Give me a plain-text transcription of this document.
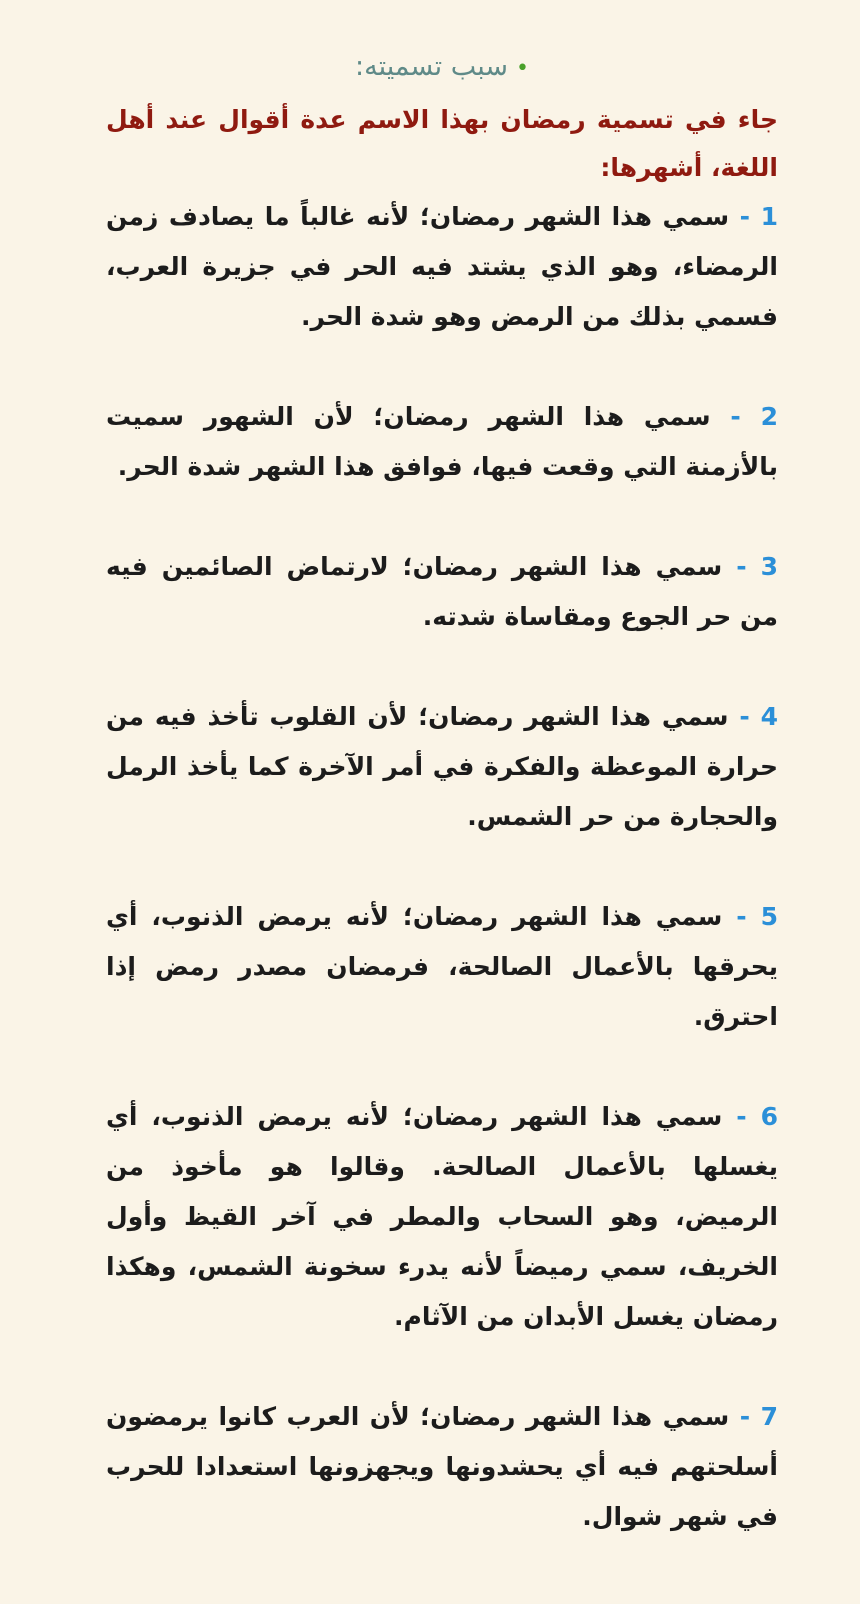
•سبب تسميته:

جاء في تسمية رمضان بهذا الاسم عدة أقوال عند أهل اللغة، أشهرها:

1 - سمي هذا الشهر رمضان؛ لأنه غالباً ما يصادف زمن الرمضاء، وهو الذي يشتد فيه الحر في جزيرة العرب، فسمي بذلك من الرمض وهو شدة الحر.

2 - سمي هذا الشهر رمضان؛ لأن الشهور سميت بالأزمنة التي وقعت فيها، فوافق هذا الشهر شدة الحر.

3 - سمي هذا الشهر رمضان؛ لارتماض الصائمين فيه من حر الجوع ومقاساة شدته.

4 - سمي هذا الشهر رمضان؛ لأن القلوب تأخذ فيه من حرارة الموعظة والفكرة في أمر الآخرة كما يأخذ الرمل والحجارة من حر الشمس.

5 - سمي هذا الشهر رمضان؛ لأنه يرمض الذنوب، أي يحرقها بالأعمال الصالحة، فرمضان مصدر رمض إذا احترق.

6 - سمي هذا الشهر رمضان؛ لأنه يرمض الذنوب، أي يغسلها بالأعمال الصالحة. وقالوا هو مأخوذ من الرميض، وهو السحاب والمطر في آخر القيظ وأول الخريف، سمي رميضاً لأنه يدرء سخونة الشمس، وهكذا رمضان يغسل الأبدان من الآثام.

7 - سمي هذا الشهر رمضان؛ لأن العرب كانوا يرمضون أسلحتهم فيه أي يحشدونها ويجهزونها استعدادا للحرب في شهر شوال.
